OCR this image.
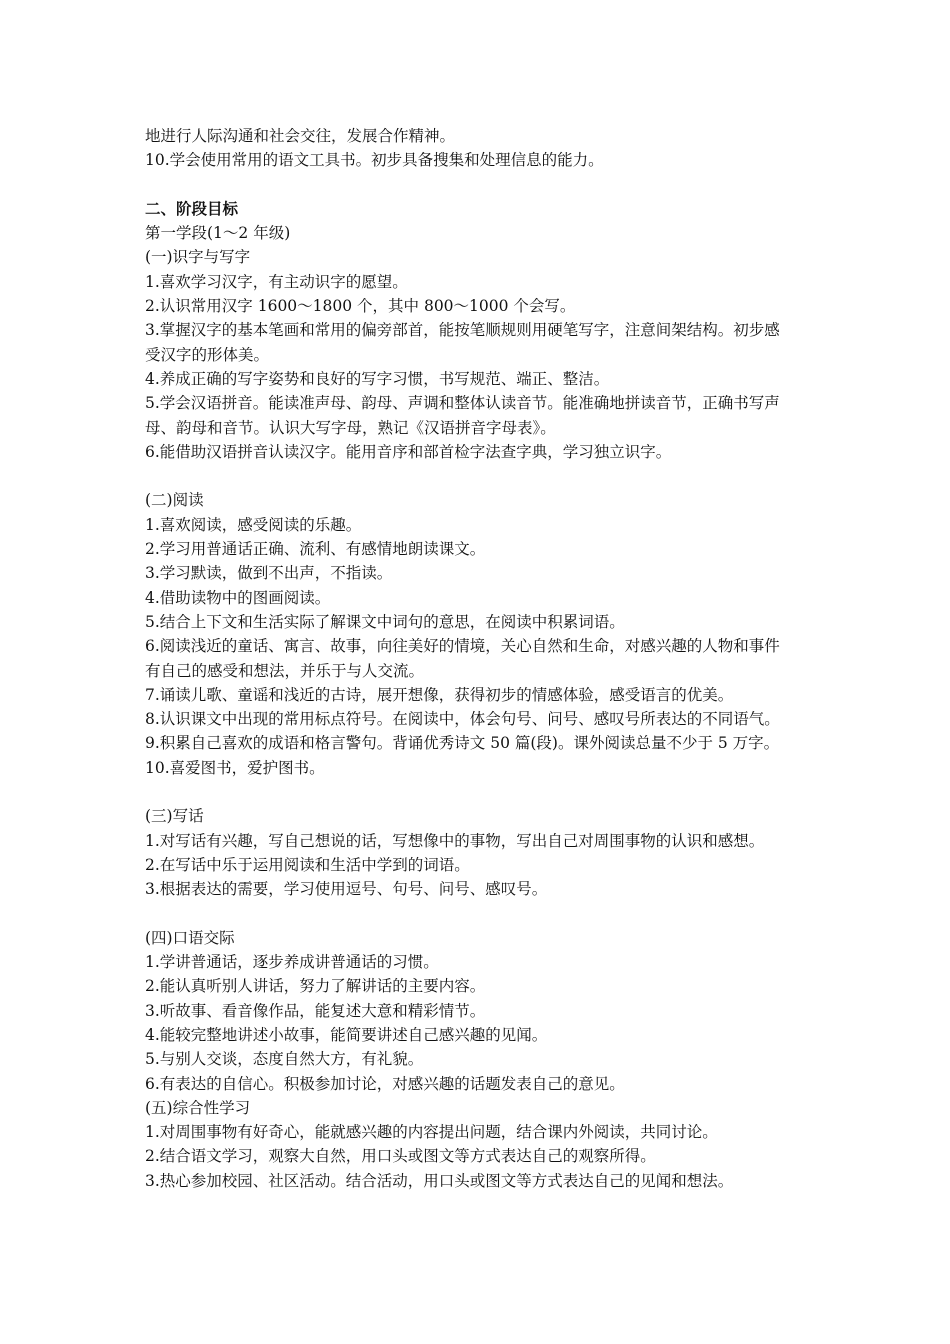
地进行人际沟通和社会交往，发展合作精神。

10.学会使用常用的语文工具书。初步具备搜集和处理信息的能力。

二、阶段目标

第一学段(1～2 年级)

(一)识字与写字

1.喜欢学习汉字，有主动识字的愿望。

2.认识常用汉字 1600～1800 个，其中 800～1000 个会写。

3.掌握汉字的基本笔画和常用的偏旁部首，能按笔顺规则用硬笔写字，注意间架结构。初步感

受汉字的形体美。

4.养成正确的写字姿势和良好的写字习惯，书写规范、端正、整洁。

5.学会汉语拼音。能读准声母、韵母、声调和整体认读音节。能准确地拼读音节，正确书写声

母、韵母和音节。认识大写字母，熟记《汉语拼音字母表》。

6.能借助汉语拼音认读汉字。能用音序和部首检字法查字典，学习独立识字。

(二)阅读

1.喜欢阅读，感受阅读的乐趣。

2.学习用普通话正确、流利、有感情地朗读课文。

3.学习默读，做到不出声，不指读。

4.借助读物中的图画阅读。

5.结合上下文和生活实际了解课文中词句的意思，在阅读中积累词语。

6.阅读浅近的童话、寓言、故事，向往美好的情境，关心自然和生命，对感兴趣的人物和事件

有自己的感受和想法，并乐于与人交流。

7.诵读儿歌、童谣和浅近的古诗，展开想像，获得初步的情感体验，感受语言的优美。

8.认识课文中出现的常用标点符号。在阅读中，体会句号、问号、感叹号所表达的不同语气。

9.积累自己喜欢的成语和格言警句。背诵优秀诗文 50 篇(段)。课外阅读总量不少于 5 万字。

10.喜爱图书，爱护图书。

(三)写话

1.对写话有兴趣，写自己想说的话，写想像中的事物，写出自己对周围事物的认识和感想。

2.在写话中乐于运用阅读和生活中学到的词语。

3.根据表达的需要，学习使用逗号、句号、问号、感叹号。

(四)口语交际

1.学讲普通话，逐步养成讲普通话的习惯。

2.能认真听别人讲话，努力了解讲话的主要内容。

3.听故事、看音像作品，能复述大意和精彩情节。

4.能较完整地讲述小故事，能简要讲述自己感兴趣的见闻。

5.与别人交谈，态度自然大方，有礼貌。

6.有表达的自信心。积极参加讨论，对感兴趣的话题发表自己的意见。

(五)综合性学习

1.对周围事物有好奇心，能就感兴趣的内容提出问题，结合课内外阅读，共同讨论。

2.结合语文学习，观察大自然，用口头或图文等方式表达自己的观察所得。

3.热心参加校园、社区活动。结合活动，用口头或图文等方式表达自己的见闻和想法。
